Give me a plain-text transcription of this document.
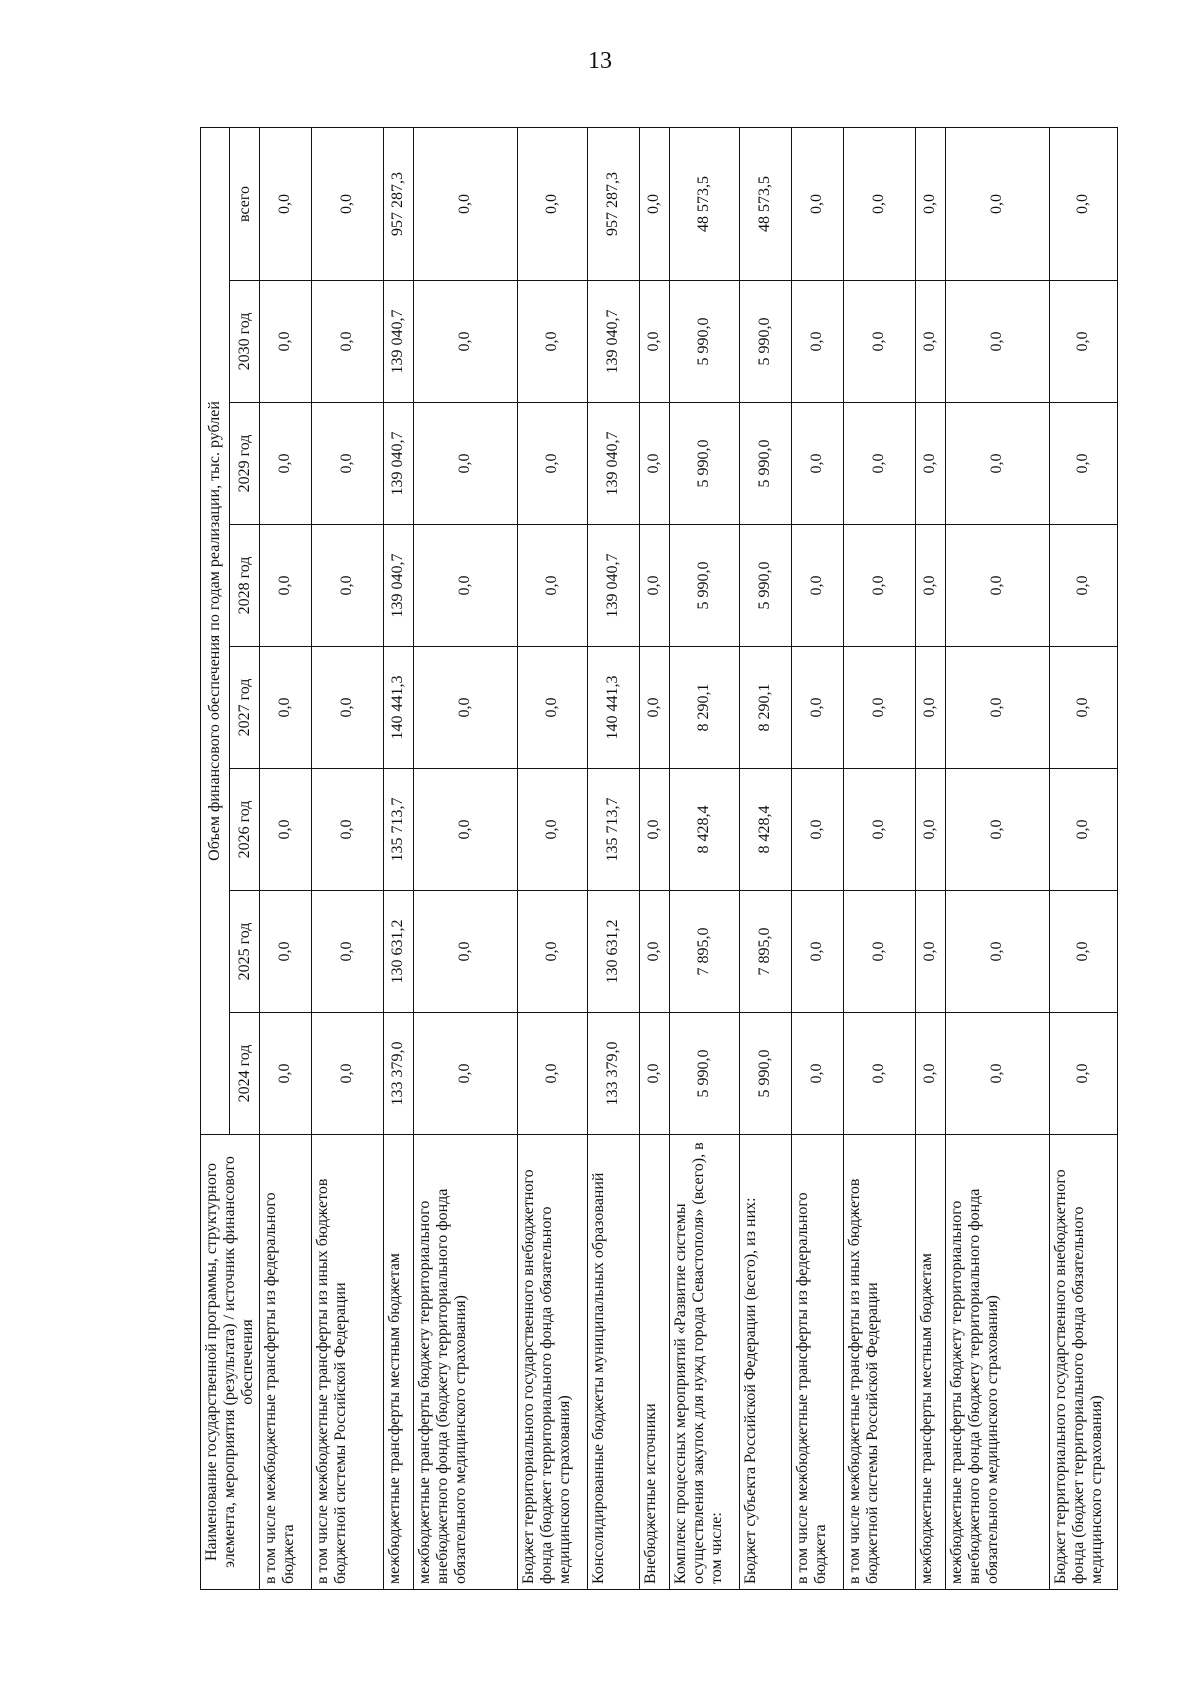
13
Наименование государственной программы, структурного элемента, мероприятия (результата) / источник финансового обеспечения	Объем финансового обеспечения по годам реализации, тыс. рублей							
	2024 год	2025 год	2026 год	2027 год	2028 год	2029 год	2030 год	всего
в том числе межбюджетные трансферты из федерального бюджета	0,0	0,0	0,0	0,0	0,0	0,0	0,0	0,0
в том числе межбюджетные трансферты из иных бюджетов бюджетной системы Российской Федерации	0,0	0,0	0,0	0,0	0,0	0,0	0,0	0,0
межбюджетные трансферты местным бюджетам	133 379,0	130 631,2	135 713,7	140 441,3	139 040,7	139 040,7	139 040,7	957 287,3
межбюджетные трансферты бюджету территориального внебюджетного фонда (бюджету территориального фонда обязательного медицинского страхования)	0,0	0,0	0,0	0,0	0,0	0,0	0,0	0,0
Бюджет территориального государственного внебюджетного фонда (бюджет территориального фонда обязательного медицинского страхования)	0,0	0,0	0,0	0,0	0,0	0,0	0,0	0,0
Консолидированные бюджеты муниципальных образований	133 379,0	130 631,2	135 713,7	140 441,3	139 040,7	139 040,7	139 040,7	957 287,3
Внебюджетные источники	0,0	0,0	0,0	0,0	0,0	0,0	0,0	0,0
Комплекс процессных мероприятий «Развитие системы осуществления закупок для нужд города Севастополя» (всего), в том числе:	5 990,0	7 895,0	8 428,4	8 290,1	5 990,0	5 990,0	5 990,0	48 573,5
Бюджет субъекта Российской Федерации (всего), из них:	5 990,0	7 895,0	8 428,4	8 290,1	5 990,0	5 990,0	5 990,0	48 573,5
в том числе межбюджетные трансферты из федерального бюджета	0,0	0,0	0,0	0,0	0,0	0,0	0,0	0,0
в том числе межбюджетные трансферты из иных бюджетов бюджетной системы Российской Федерации	0,0	0,0	0,0	0,0	0,0	0,0	0,0	0,0
межбюджетные трансферты местным бюджетам	0,0	0,0	0,0	0,0	0,0	0,0	0,0	0,0
межбюджетные трансферты бюджету территориального внебюджетного фонда (бюджету территориального фонда обязательного медицинского страхования)	0,0	0,0	0,0	0,0	0,0	0,0	0,0	0,0
Бюджет территориального государственного внебюджетного фонда (бюджет территориального фонда обязательного медицинского страхования)	0,0	0,0	0,0	0,0	0,0	0,0	0,0	0,0
